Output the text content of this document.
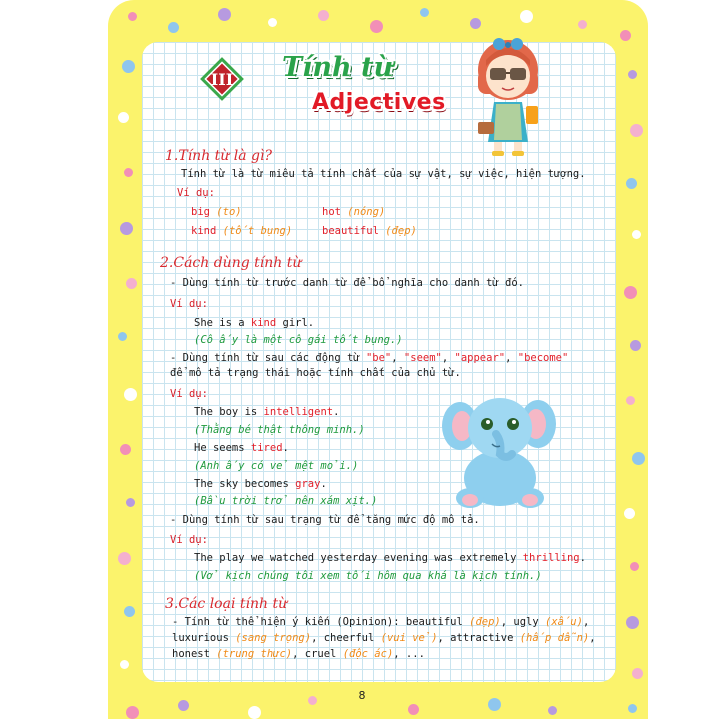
III	Tính từ
Adjectives
1.Tính từ là gì?
Tính từ là từ miêu tả tính chất của sự vật, sự việc, hiện tượng.
Ví dụ:
big (to)	hot (nóng)
kind (tốt bụng)	beautiful (đẹp)
2.Cách dùng tính từ
- Dùng tính từ trước danh từ để bổ nghĩa cho danh từ đó.
Ví dụ:
She is a kind girl.
(Cô ấy là một cô gái tốt bụng.)
- Dùng tính từ sau các động từ "be", "seem", "appear", "become"
để mô tả trạng thái hoặc tính chất của chủ từ.
Ví dụ:
The boy is intelligent.
(Thằng bé thật thông minh.)
He seems tired.
(Anh ấy có vẻ mệt mỏi.)
The sky becomes gray.
(Bầu trời trở nên xám xịt.)
- Dùng tính từ sau trạng từ để tăng mức độ mô tả.
Ví dụ:
The play we watched yesterday evening was extremely thrilling.
(Vở kịch chúng tôi xem tối hôm qua khá là kịch tính.)
3.Các loại tính từ
- Tính từ thể hiện ý kiến (Opinion): beautiful (đẹp), ugly (xấu),
luxurious (sang trọng), cheerful (vui vẻ), attractive (hấp dẫn),
honest (trung thực), cruel (độc ác), ...
8
